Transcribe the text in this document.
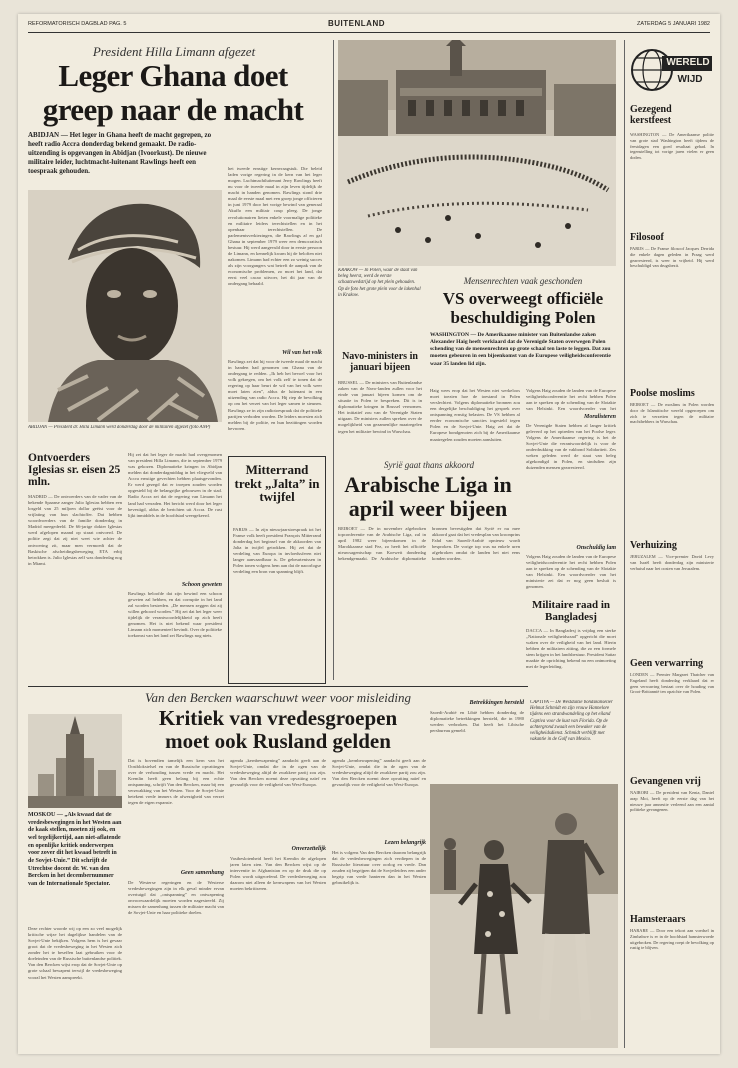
REFORMATORISCH DAGBLAD PAG. 5	BUITENLAND	ZATERDAG 5 JANUARI 1982
President Hilla Limann afgezet
Leger Ghana doet
greep naar de macht
ABIDJAN — Het leger in Ghana heeft de macht gegrepen, zo heeft radio Accra donderdag bekend gemaakt. De radio-uitzending is opgevangen in Abidjan (Ivoorkust). De nieuwe militaire leider, luchtmacht-luitenant Rawlings heeft een toespraak gehouden.
ABIDJAN — President dr. Hilla Limann werd donderdag door de militairen afgezet (foto ANP)
het tweede ernstige kernvraagstuk. Die beleid laden vorige regering in de kern van het leger mogen. Luchtmachtluitenant Jerry Rawlings heeft nu voor de tweede maal in zijn leven tijdelijk de macht in handen genomen. Rawlings stond drie maal de eerste maal met een groep jonge officieren in juni 1979 door het vorige bewind van generaal Akuffo een militair coup pleeg. De jonge revolutionairen lieten enkele voormalige politieke en militaire leiders terechtstellen en in het openbaar terechtstellen. De parlementsverkiezingen, die Rawlings af en gaf Ghana in september 1979 weer een democratisch bestuur. Hij werd aangevuld door in eerste persoon de Limann, en kennelijk kwam hij de beloften niet nakomen. Limann had echter een zo weinig succes als zijn voorgangers wat betreft de aanpak van de economische problemen, zo moet het land, dat eerst veel cacao uitvoer, het dit jaar van de ondergang behaald.
Wil van het volk
Rawlings zei dat hij voor de tweede maal de macht in handen had genomen om Ghana van de ondergang te redden. „Ik heb het bevoel voor het volk gekregen, om het volk zelf te tonen dat de regering op haar beurt de wil van het volk weer moet laten zien”, aldus de luitenant in een uitzending van radio Accra. Hij riep de bevolking op om het verzet van het leger samen te steunen. Rawlings ze in zijn radiotoespraak dat de politieke partijen verboden worden. De leiders moesten zich melden bij de politie, en hun bezittingen worden bevroren.
Hij zei dat het leger de macht had overgenomen van president Hilla Limann, die in september 1979 was gekozen. Diplomatieke kringen in Abidjan melden dat donderdagmiddag in het vliegveld van Accra ernstige gevechten hebben plaatsgevonden. Er werd gezegd dat er troepen zouden worden opgesteld bij de belangrijke gebouwen in de stad. Radio Accra zei dat de regering van Limann het land had verraden. Het bericht werd door het leger bevestigd, aldus de berichten uit Accra. De rust lijkt inmiddels in de hoofdstad weergekeerd.
Schoon geweten
Rawlings beloofde dat zijn bewind een schoon geweten zal hebben, en dat corruptie in het land zal worden bestreden. „De mensen zeggen dat zij willen gehoord worden.” Hij zei dat het leger weer tijdelijk de verantwoordelijkheid op zich heeft genomen. Het is niet bekend waar president Limann zich momenteel bevindt. Over de politieke toekomst van het land zei Rawlings nog niets.
Ontvoerders Iglesias sr. eisen 25 mln.
MADRID — De ontvoerders van de vader van de bekende Spaanse zanger Julio Iglesias hebben een losgeld van 25 miljoen dollar geëist voor de vrijlating van hun slachtoffer. Dat hebben woordvoerders van de familie donderdag in Madrid meegedeeld. De 66-jarige dokter Iglesias werd afgelopen maand op straat ontvoerd. De politie zegt dat zij niet weet wie achter de ontvoering zit, maar men vermoedt dat de Baskische afscheidingsbeweging ETA erbij betrokken is. Julio Iglesias zelf was donderdag nog in Miami.
Mitterrand trekt „Jalta” in twijfel
PARIJS — In zijn nieuwjaarstoespraak tot het Franse volk heeft president François Mitterrand donderdag het beginsel van de akkoorden van Jalta in twijfel getrokken. Hij zei dat de verdeling van Europa in invloedssferen niet langer aanvaardbaar is. De gebeurtenissen in Polen tonen volgens hem aan dat de naoorlogse verdeling een bron van spanning blijft.
KRAKOW — In Polen, waar de staat van beleg heerst, werd de eerste schaatswedstrijd op het plein gehouden. Op de foto het grote plein voor de lakenhal in Krakow.
Mensenrechten vaak geschonden
VS overweegt officiële
beschuldiging Polen
WASHINGTON — De Amerikaanse minister van Buitenlandse zaken Alexander Haig heeft verklaard dat de Verenigde Staten overwegen Polen schending van de mensenrechten op grote schaal ten laste te leggen. Dat zou moeten gebeuren in een bijeenkomst van de Europese veiligheidsconferentie waar 35 landen lid zijn.
Haig wees erop dat het Westen niet werkeloos moet toezien hoe de toestand in Polen verslechtert. Volgens diplomatieke bronnen zou een dergelijke beschuldiging het gesprek over ontspanning ernstig belasten. De VS hebben al eerder economische sancties ingesteld tegen Polen en de Sovjet-Unie. Haig zei dat de Europese bondgenoten zich bij de Amerikaanse maatregelen zouden moeten aansluiten.
Volgens Haig zouden de landen van de Europese veiligheidsconferentie het recht hebben Polen aan te spreken op de schending van de Slotakte van Helsinki. Een woordvoerder van het
Moralisteren
De Verenigde Staten hebben al langer kritiek geleverd op het optreden van het Poolse leger. Volgens de Amerikaanse regering is het de Sovjet-Unie die verantwoordelijk is voor de onderdrukking van de vakbond Solidariteit. Zes weken geleden werd de staat van beleg afgekondigd in Polen, en sindsdien zijn duizenden mensen gearresteerd.
Onschuldig lam
Navo-ministers in januari bijeen
BRUSSEL — De ministers van Buitenlandse zaken van de Navo-landen zullen voor het einde van januari bijeen komen om de situatie in Polen te bespreken. Dit is in diplomatieke kringen in Brussel vernomen. Het initiatief zou van de Verenigde Staten uitgaan. De ministers zullen spreken over de mogelijkheid van gezamenlijke maatregelen tegen het militaire bewind in Warschau.
Syrië gaat thans akkoord
Arabische Liga in
april weer bijeen
BEIROET — De in november afgebroken topconferentie van de Arabische Liga, zal in april 1982 weer bijeenkomen in de Marokkaanse stad Fez, zo heeft het officiële nieuwsagentschap van Koeweit donderdag bekendgemaakt. De Arabische diplomatieke bronnen bevestigden dat Syrië er nu mee akkoord gaat dat het vredesplan van kroonprins Fahd van Saoedi-Arabië opnieuw wordt besproken. De vorige top was na enkele uren afgebroken omdat de landen het niet eens konden worden.	Volgens Haig zouden de landen van de Europese veiligheidsconferentie het recht hebben Polen aan te spreken op de schending van de Slotakte van Helsinki. Een woordvoerder van het ministerie zei dat er nog geen besluit is genomen.
Militaire raad in Bangladesj
DACCA — In Bangladesj is vrijdag een sterke „Nationale veiligheidsraad” opgericht die moet waken over de veiligheid van het land. Hierin hebben de militairen zitting, die zo een formele stem krijgen in het landsbestuur. President Sattar maakte de oprichting bekend na een ontmoeting met de legerleiding.
Van den Bercken waarschuwt weer voor misleiding
Kritiek van vredesgroepen
moet ook Rusland gelden
MOSKOU — „Als kwaad dat de vredesbewegingen in het Westen aan de kaak stellen, moeten zij ook, en wel tegelijkertijd, aan niet-aflatende en openlijke kritiek onderwerpen voor zover dit het kwaad betreft in de Sovjet-Unie.” Dit schrijft de Utrechtse docent dr. W. van den Bercken in het decembernummer van de Internationale Spectator.
Deze rechter woorde wij op een zo veel mogelijk kritische wijze het dagelijkse handelen van de Sovjet-Unie bekijken. Volgens hem is het gevaar groot dat de vredesbeweging in het Westen zich zonder het te beseffen laat gebruiken voor de doeleinden van de Russische buitenlandse politiek. Van den Bercken wijst erop dat de Sovjet-Unie op grote schaal bewapent terwijl de vredesbeweging vooral het Westen aanspreekt.
Dat is bovendien tamelijk een kern van het Oostblokstelsel en van de Russische opvattingen over de verhouding tussen vrede en macht. Het Kremlin heeft geen belang bij een echte ontspanning, schrijft Van den Bercken, maar bij een verzwakking van het Westen. Voor de Sovjet-Unie betekent vrede immers de afwezigheid van verzet tegen de eigen expansie.
Geen samenhang
De Westerse regeringen en de Westerse vredesbewegingen zijn in elk geval minder ervan overtuigd dat „ontspanning” en ontwapening onvoorwaardelijk moeten worden nagestreefd. Zij missen de samenhang tussen de militaire macht van de Sovjet-Unie en haar politieke doelen.
agenda „kernbewapening” aandacht geeft aan de Sovjet-Unie, omdat die in de ogen van de vredesbeweging altijd de zwakkere partij zou zijn. Van den Bercken noemt deze opvatting naïef en gevaarlijk voor de veiligheid van West-Europa.
Onverzettelijk
Vastbeslotenheid heeft het Kremlin de afgelopen jaren laten zien. Van den Bercken wijst op de interventie in Afghanistan en op de druk die op Polen wordt uitgeoefend. De vredesbeweging zou daarom niet alleen de kernwapens van het Westen moeten bekritiseren.
agenda „kernbewapening” aandacht geeft aan de Sovjet-Unie, omdat die in de ogen van de vredesbeweging altijd de zwakkere partij zou zijn. Van den Bercken noemt deze opvatting naïef en gevaarlijk voor de veiligheid van West-Europa.
Lezen belangrijk
Het is volgens Van den Bercken daarom belangrijk dat de vredesbewegingen zich verdiepen in de Russische literatuur over oorlog en vrede. Dan zouden zij begrijpen dat de Sovjetleiders een ander begrip van vrede hanteren dan in het Westen gebruikelijk is.
Betrekkingen hersteld
Saoedi-Arabië en Libië hebben donderdag de diplomatieke betrekkingen hersteld, die in 1980 werden verbroken. Dat heeft het Libische persbureau gemeld.
CAPTIVA — De Westduitse bondskanselier Helmut Schmidt en zijn vrouw Hannelore tijdens een strandwandeling op het eiland Captiva voor de kust van Florida. Op de achtergrond zwaait een bewaker van de veiligheidsdienst. Schmidt verblijft met vakantie in de Golf van Mexico.
WERELD
WIJD
Gezegend kerstfeest
WASHINGTON — De Amerikaanse politie van grote stad Washington heeft tijdens de feestdagen een goed resultaat gehad. In tegenstelling tot vorige jaren vielen er geen doden.
Filosoof
PARIJS — De Franse filosoof Jacques Derrida die enkele dagen geleden in Praag werd gearresteerd, is weer in vrijheid. Hij werd beschuldigd van drugsbezit.
Poolse moslims
BEIROET — De moslims in Polen worden door de Islamitische wereld opgeroepen om zich te verzetten tegen de militaire machthebbers in Warschau.
Verhuizing
JERUZALEM — Vice-premier David Levy van Israël heeft donderdag zijn ministerie verhuisd naar het oosten van Jeruzalem.
Geen verwarring
LONDEN — Premier Margaret Thatcher van Engeland heeft donderdag verklaard dat er geen verwarring bestaat over de houding van Groot-Brittannië ten opzichte van Polen.
Gevangenen vrij
NAIROBI — De president van Kenia, Daniel arap Moi, heeft op de eerste dag van het nieuwe jaar amnestie verleend aan een aantal politieke gevangenen.
Hamsteraars
HARARE — Door een tekort aan voedsel in Zimbabwe is er in de hoofdstad hamsterwoede uitgebroken. De regering roept de bevolking op rustig te blijven.
